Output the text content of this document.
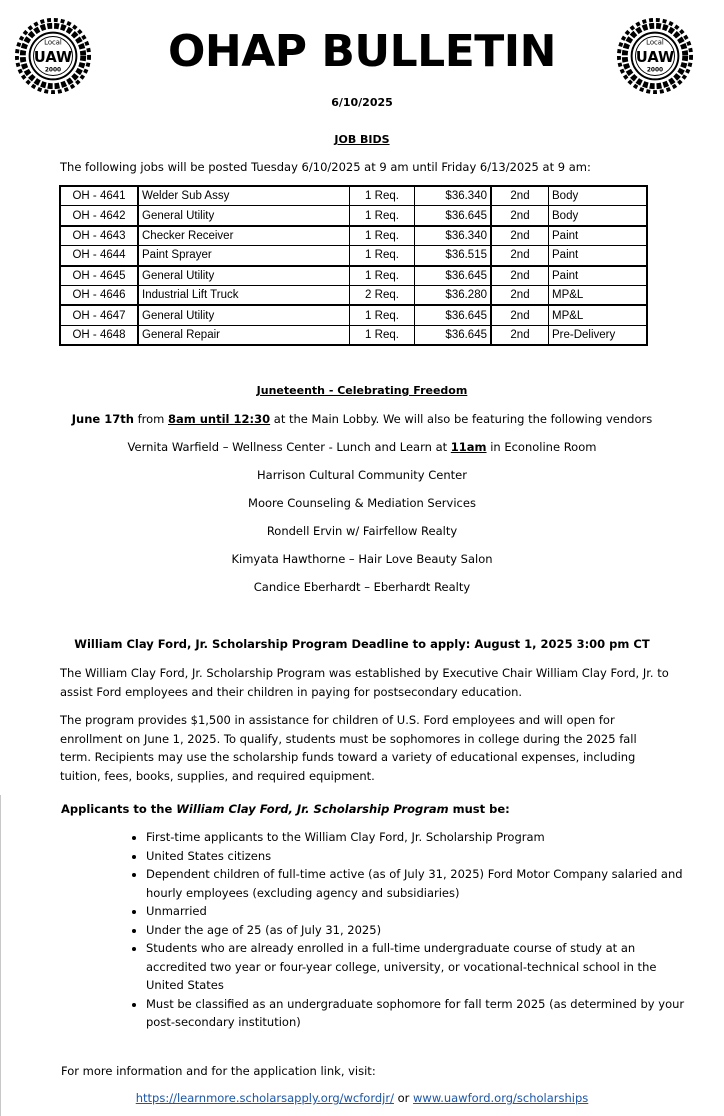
Local
UAW
2000
Local
UAW
2000
OHAP BULLETIN
6/10/2025
JOB BIDS
The following jobs will be posted Tuesday 6/10/2025 at 9 am until Friday 6/13/2025 at 9 am:
OH - 4641	Welder Sub Assy	1 Req.	$36.340	2nd	Body
OH - 4642	General Utility	1 Req.	$36.645	2nd	Body
OH - 4643	Checker Receiver	1 Req.	$36.340	2nd	Paint
OH - 4644	Paint Sprayer	1 Req.	$36.515	2nd	Paint
OH - 4645	General Utility	1 Req.	$36.645	2nd	Paint
OH - 4646	Industrial Lift Truck	2 Req.	$36.280	2nd	MP&L
OH - 4647	General Utility	1 Req.	$36.645	2nd	MP&L
OH - 4648	General Repair	1 Req.	$36.645	2nd	Pre-Delivery
Juneteenth - Celebrating Freedom
June 17th from 8am until 12:30 at the Main Lobby. We will also be featuring the following vendors
Vernita Warfield – Wellness Center - Lunch and Learn at 11am in Econoline Room
Harrison Cultural Community Center
Moore Counseling & Mediation Services
Rondell Ervin w/ Fairfellow Realty
Kimyata Hawthorne – Hair Love Beauty Salon
Candice Eberhardt – Eberhardt Realty
William Clay Ford, Jr. Scholarship Program Deadline to apply: August 1, 2025 3:00 pm CT
The William Clay Ford, Jr. Scholarship Program was established by Executive Chair William Clay Ford, Jr. to assist Ford employees and their children in paying for postsecondary education.
The program provides $1,500 in assistance for children of U.S. Ford employees and will open for enrollment on June 1, 2025. To qualify, students must be sophomores in college during the 2025 fall term. Recipients may use the scholarship funds toward a variety of educational expenses, including tuition, fees, books, supplies, and required equipment.
Applicants to the William Clay Ford, Jr. Scholarship Program must be:
• First-time applicants to the William Clay Ford, Jr. Scholarship Program
• United States citizens
• Dependent children of full-time active (as of July 31, 2025) Ford Motor Company salaried and hourly employees (excluding agency and subsidiaries)
• Unmarried
• Under the age of 25 (as of July 31, 2025)
• Students who are already enrolled in a full-time undergraduate course of study at an accredited two year or four-year college, university, or vocational-technical school in the United States
• Must be classified as an undergraduate sophomore for fall term 2025 (as determined by your post-secondary institution)
For more information and for the application link, visit:
https://learnmore.scholarsapply.org/wcfordjr/ or www.uawford.org/scholarships
